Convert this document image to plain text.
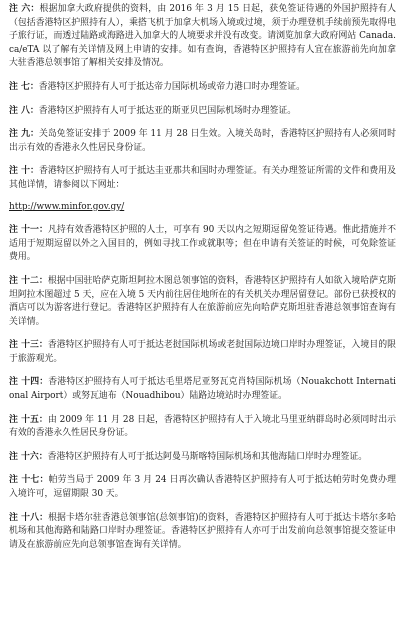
注 六：根据加拿大政府提供的资料，由 2016 年 3 月 15 日起，获免签证待遇的外国护照持有人（包括香港特区护照持有人），乘搭飞机于加拿大机场入境或过境，须于办理登机手续前预先取得电子旅行证，而透过陆路或海路进入加拿大的人境要求并没有改变。请浏览加拿大政府网站 Canada.ca/eTA 以了解有关详情及网上申请的安排。如有查询，香港特区护照持有人宜在旅游前先向加拿大驻香港总领事馆了解相关安排及情况。

注 七：香港特区护照持有人可于抵达帝力国际机场或帝力港口时办理签证。

注 八：香港特区护照持有人可于抵达亚的斯亚贝巴国际机场时办理签证。

注 九：关岛免签证安排于 2009 年 11 月 28 日生效。入境关岛时，香港特区护照持有人必须同时出示有效的香港永久性居民身份证。

注 十：香港特区护照持有人可于抵达圭亚那共和国时办理签证。有关办理签证所需的文件和费用及其他详情，请参阅以下网址：

http://www.minfor.gov.gy/

注 十一：凡持有效香港特区护照的人士，可享有 90 天以内之短期逗留免签证待遇。惟此措施并不适用于短期逗留以外之入国目的，例如寻找工作或就职等；但在申请有关签证的时候，可免除签证费用。

注 十二：根据中国驻哈萨克斯坦阿拉木图总领事馆的资料，香港特区护照持有人如欲入境哈萨克斯坦阿拉木图超过 5 天，应在入境 5 天内前往居住地所在的有关机关办理居留登记。部份已获授权的酒店可以为游客进行登记。香港特区护照持有人在旅游前应先向哈萨克斯坦驻香港总领事馆查询有关详情。

注 十三：香港特区护照持有人可于抵达老挝国际机场或老挝国际边境口岸时办理签证，入境目的限于旅游观光。

注 十四：香港特区护照持有人可于抵达毛里塔尼亚努瓦克肖特国际机场（Nouakchott International Airport）或努瓦迪布（Nouadhibou）陆路边境站时办理签证。

注 十五：由 2009 年 11 月 28 日起，香港特区护照持有人于入境北马里亚纳群岛时必须同时出示有效的香港永久性居民身份证。

注 十六：香港特区护照持有人可于抵达阿曼马斯喀特国际机场和其他海陆口岸时办理签证。

注 十七：帕劳当局于 2009 年 3 月 24 日再次确认香港特区护照持有人可于抵达帕劳时免费办理入境许可，逗留期限 30 天。

注 十八：根据卡塔尔驻香港总领事馆(总领事馆)的资料，香港特区护照持有人可于抵达卡塔尔多哈机场和其他海路和陆路口岸时办理签证。香港特区护照持有人亦可于出发前向总领事馆提交签证申请及在旅游前应先向总领事馆查询有关详情。
